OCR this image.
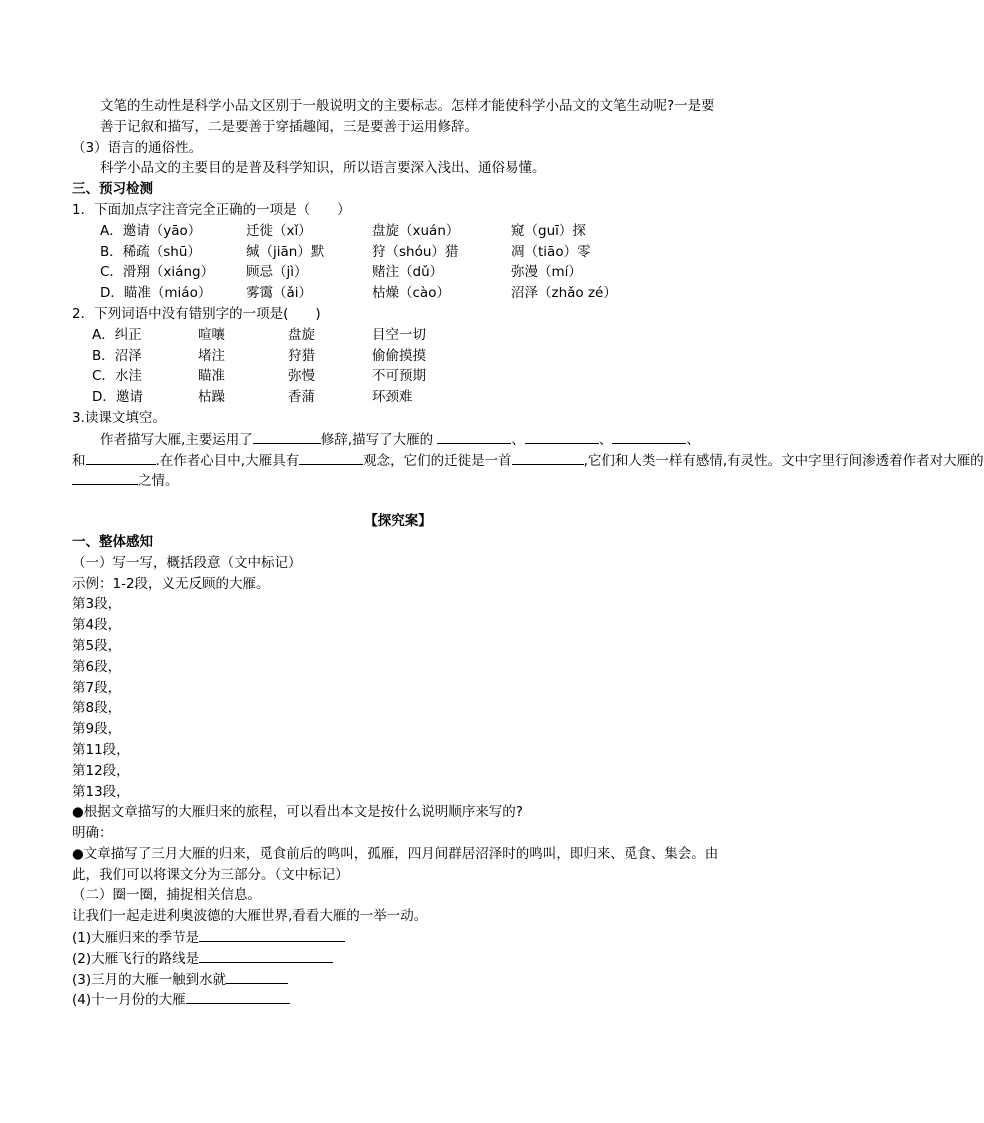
文笔的生动性是科学小品文区别于一般说明文的主要标志。怎样才能使科学小品文的文笔生动呢?一是要善于记叙和描写，二是要善于穿插趣闻，三是要善于运用修辞。
（3）语言的通俗性。
科学小品文的主要目的是普及科学知识，所以语言要深入浅出、通俗易懂。
三、预习检测
1．下面加点字注音完全正确的一项是（　　）
A．邀请（yāo）	迁徙（xǐ）	盘旋（xuán）	窥（guī）探
B．稀疏（shū）	缄（jiān）默	狩（shóu）猎	凋（tiāo）零
C．滑翔（xiáng）	顾忌（jì）	赌注（dǔ）	弥漫（mí）
D．瞄准（miáo）	雾霭（ǎi）	枯燥（cào）	沼泽（zhǎo zé）
2．下列词语中没有错别字的一项是(　　)
A．纠正	喧嚷	盘旋	目空一切
B．沼泽	堵注	狩猎	偷偷摸摸
C．水洼	瞄准	弥慢	不可预期
D．邀请	枯躁	香蒲	环颈难
3.读课文填空。
作者描写大雁,主要运用了	修辞,描写了大雁的	、	、	、
和	.在作者心目中,大雁具有	观念，它们的迁徙是一首	,它们和人类一样有感情,有灵性。文中字里行间渗透着作者对大雁的
之情。
【探究案】
一、整体感知
（一）写一写，概括段意（文中标记）
示例：1-2段，义无反顾的大雁。
第3段，
第4段，
第5段，
第6段，
第7段，
第8段，
第9段，
第11段，
第12段，
第13段，
●根据文章描写的大雁归来的旅程，可以看出本文是按什么说明顺序来写的?
明确：
●文章描写了三月大雁的归来，觅食前后的鸣叫，孤雁，四月间群居沼泽时的鸣叫，即归来、觅食、集会。由此，我们可以将课文分为三部分。（文中标记）
（二）圈一圈，捕捉相关信息。
让我们一起走进利奥波德的大雁世界,看看大雁的一举一动。
(1)大雁归来的季节是
(2)大雁飞行的路线是
(3)三月的大雁一触到水就
(4)十一月份的大雁
